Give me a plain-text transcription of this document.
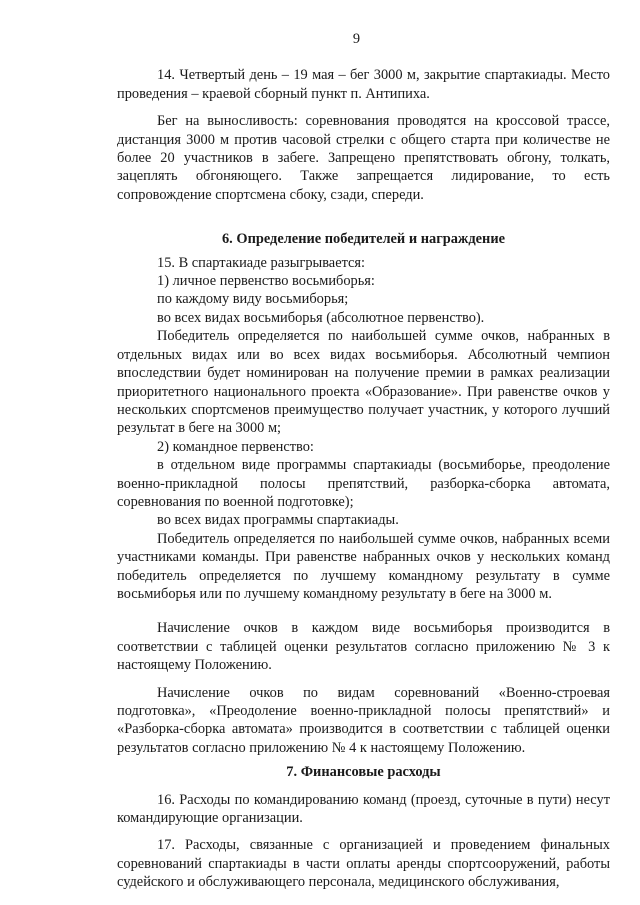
9

14. Четвертый день – 19 мая – бег 3000 м, закрытие спартакиады. Место проведения – краевой сборный пункт п. Антипиха.

Бег на выносливость: соревнования проводятся на кроссовой трассе, дистанция 3000 м против часовой стрелки с общего старта при количестве не более 20 участников в забеге. Запрещено препятствовать обгону, толкать, зацеплять обгоняющего. Также запрещается лидирование, то есть сопровождение спортсмена сбоку, сзади, спереди.

6. Определение победителей и награждение

15. В спартакиаде разыгрывается:

1) личное первенство восьмиборья:

по каждому виду восьмиборья;

во всех видах восьмиборья (абсолютное первенство).

Победитель определяется по наибольшей сумме очков, набранных в отдельных видах или во всех видах восьмиборья. Абсолютный чемпион впоследствии будет номинирован на получение премии в рамках реализации приоритетного национального проекта «Образование». При равенстве очков у нескольких спортсменов преимущество получает участник, у которого лучший результат в беге на 3000 м;

2) командное первенство:

в отдельном виде программы спартакиады (восьмиборье, преодоление военно-прикладной полосы препятствий, разборка-сборка автомата, соревнования по военной подготовке);

во всех видах программы спартакиады.

Победитель определяется по наибольшей сумме очков, набранных всеми участниками команды. При равенстве набранных очков у нескольких команд победитель определяется по лучшему командному результату в сумме восьмиборья или по лучшему командному результату в беге на 3000 м.

Начисление очков в каждом виде восьмиборья производится в соответствии с таблицей оценки результатов согласно приложению № 3 к настоящему Положению.

Начисление очков по видам соревнований «Военно-строевая подготовка», «Преодоление военно-прикладной полосы препятствий» и «Разборка-сборка автомата» производится в соответствии с таблицей оценки результатов согласно приложению № 4 к настоящему Положению.

7. Финансовые расходы

16. Расходы по командированию команд (проезд, суточные в пути) несут командирующие организации.

17. Расходы, связанные с организацией и проведением финальных соревнований спартакиады в части оплаты аренды спортсооружений, работы судейского и обслуживающего персонала, медицинского обслуживания,
